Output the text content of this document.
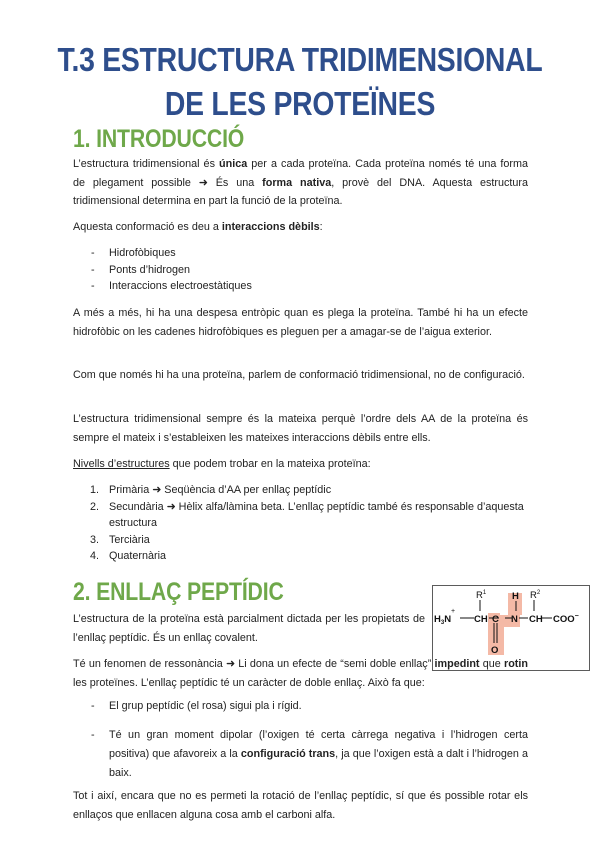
T.3 ESTRUCTURA TRIDIMENSIONAL
DE LES PROTEÏNES
1. INTRODUCCIÓ

L’estructura tridimensional és única per a cada proteïna. Cada proteïna només té una forma de plegament possible ➜ És una forma nativa, provè del DNA. Aquesta estructura tridimensional determina en part la funció de la proteïna.

Aquesta conformació es deu a interaccions dèbils:

- Hidrofòbiques
- Ponts d’hidrogen
- Interaccions electroestàtiques

A més a més, hi ha una despesa entròpic quan es plega la proteïna. També hi ha un efecte hidrofòbic on les cadenes hidrofòbiques es pleguen per a amagar-se de l’aigua exterior.

Com que només hi ha una proteïna, parlem de conformació tridimensional, no de configuració.

L’estructura tridimensional sempre és la mateixa perquè l’ordre dels AA de la proteïna és sempre el mateix i s’estableixen les mateixes interaccions dèbils entre ells.

Nivells d’estructures que podem trobar en la mateixa proteïna:

1. Primària ➜ Seqüència d’AA per enllaç peptídic
2. Secundària ➜ Hèlix alfa/làmina beta. L’enllaç peptídic també és responsable d’aquesta estructura
3. Terciària
4. Quaternària
2. ENLLAÇ PEPTÍDIC	$R^1$	$R^2$
H
+
$H_3N$ CH C N CH COO−
O

L’estructura de la proteïna està parcialment dictada per les propietats de l’enllaç peptídic. És un enllaç covalent.

Té un fenomen de ressonància ➜ Li dona un efecte de “semi doble enllaç” impedint que rotin les proteïnes. L’enllaç peptídic té un caràcter de doble enllaç. Això fa que:

- El grup peptídic (el rosa) sigui pla i rígid.
- Té un gran moment dipolar (l’oxigen té certa càrrega negativa i l’hidrogen certa positiva) que afavoreix a la configuració trans, ja que l’oxigen està a dalt i l’hidrogen a baix.

Tot i així, encara que no es permeti la rotació de l’enllaç peptídic, sí que és possible rotar els enllaços que enllacen alguna cosa amb el carboni alfa.
